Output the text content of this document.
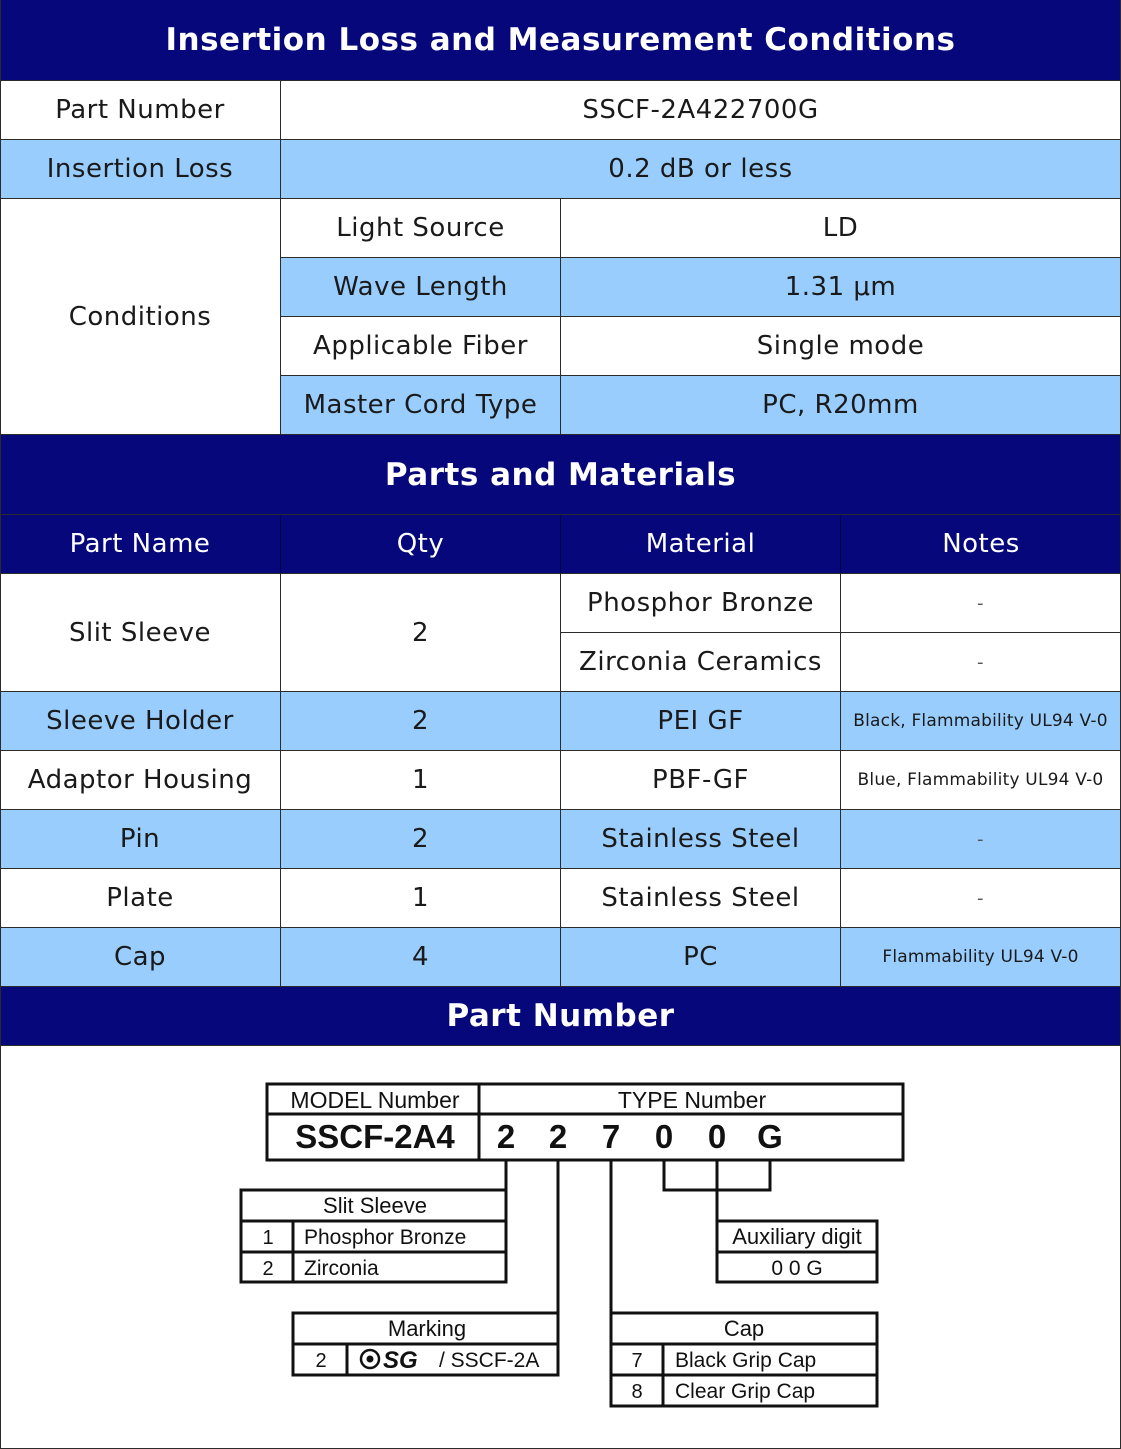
Insertion Loss and Measurement Conditions
Part Number	SSCF-2A422700G
Insertion Loss	0.2 dB or less
Conditions
Light Source	LD
Wave Length	1.31 μm
Applicable Fiber	Single mode
Master Cord Type	PC, R20mm
Parts and Materials
Part Name	Qty	Material	Notes
Slit Sleeve	2
Phosphor Bronze	-
Zirconia Ceramics	-
Sleeve Holder	2	PEI GF	Black, Flammability UL94 V-0
Adaptor Housing	1	PBF-GF	Blue, Flammability UL94 V-0
Pin	2	Stainless Steel	-
Plate	1	Stainless Steel	-
Cap	4	PC	Flammability UL94 V-0
Part Number
MODEL Number	TYPE Number
SSCF-2A4 2 2 7 0 0 G
Slit Sleeve
1 Phosphor Bronze
2 Zirconia
Auxiliary digit
0 0 G
Marking
2 SG / SSCF-2A
Cap
7 Black Grip Cap
8 Clear Grip Cap
